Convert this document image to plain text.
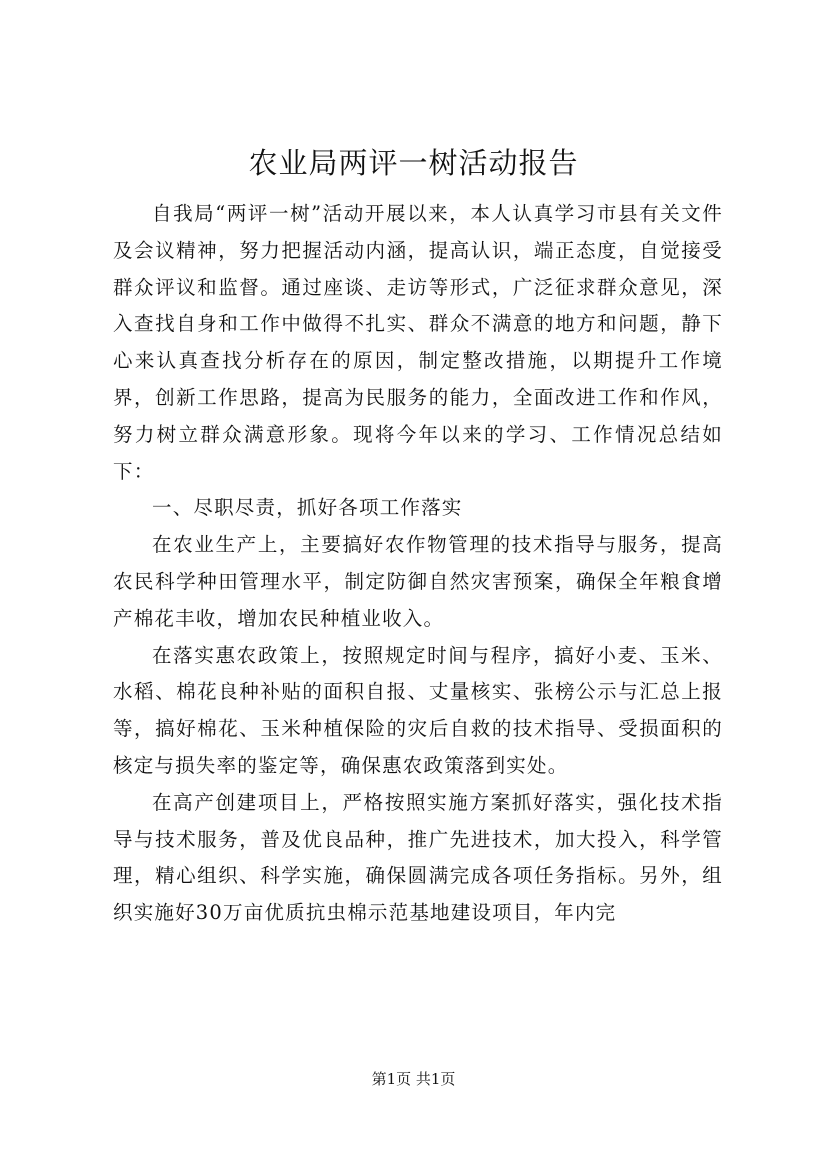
农业局两评一树活动报告

自我局“两评一树”活动开展以来，本人认真学习市县有关文件及会议精神，努力把握活动内涵，提高认识，端正态度，自觉接受群众评议和监督。通过座谈、走访等形式，广泛征求群众意见，深入查找自身和工作中做得不扎实、群众不满意的地方和问题，静下心来认真查找分析存在的原因，制定整改措施，以期提升工作境界，创新工作思路，提高为民服务的能力，全面改进工作和作风，努力树立群众满意形象。现将今年以来的学习、工作情况总结如下：

一、尽职尽责，抓好各项工作落实

在农业生产上，主要搞好农作物管理的技术指导与服务，提高农民科学种田管理水平，制定防御自然灾害预案，确保全年粮食增产棉花丰收，增加农民种植业收入。

在落实惠农政策上，按照规定时间与程序，搞好小麦、玉米、水稻、棉花良种补贴的面积自报、丈量核实、张榜公示与汇总上报等，搞好棉花、玉米种植保险的灾后自救的技术指导、受损面积的核定与损失率的鉴定等，确保惠农政策落到实处。

在高产创建项目上，严格按照实施方案抓好落实，强化技术指导与技术服务，普及优良品种，推广先进技术，加大投入，科学管理，精心组织、科学实施，确保圆满完成各项任务指标。另外，组织实施好30万亩优质抗虫棉示范基地建设项目，年内完

第1页 共1页
